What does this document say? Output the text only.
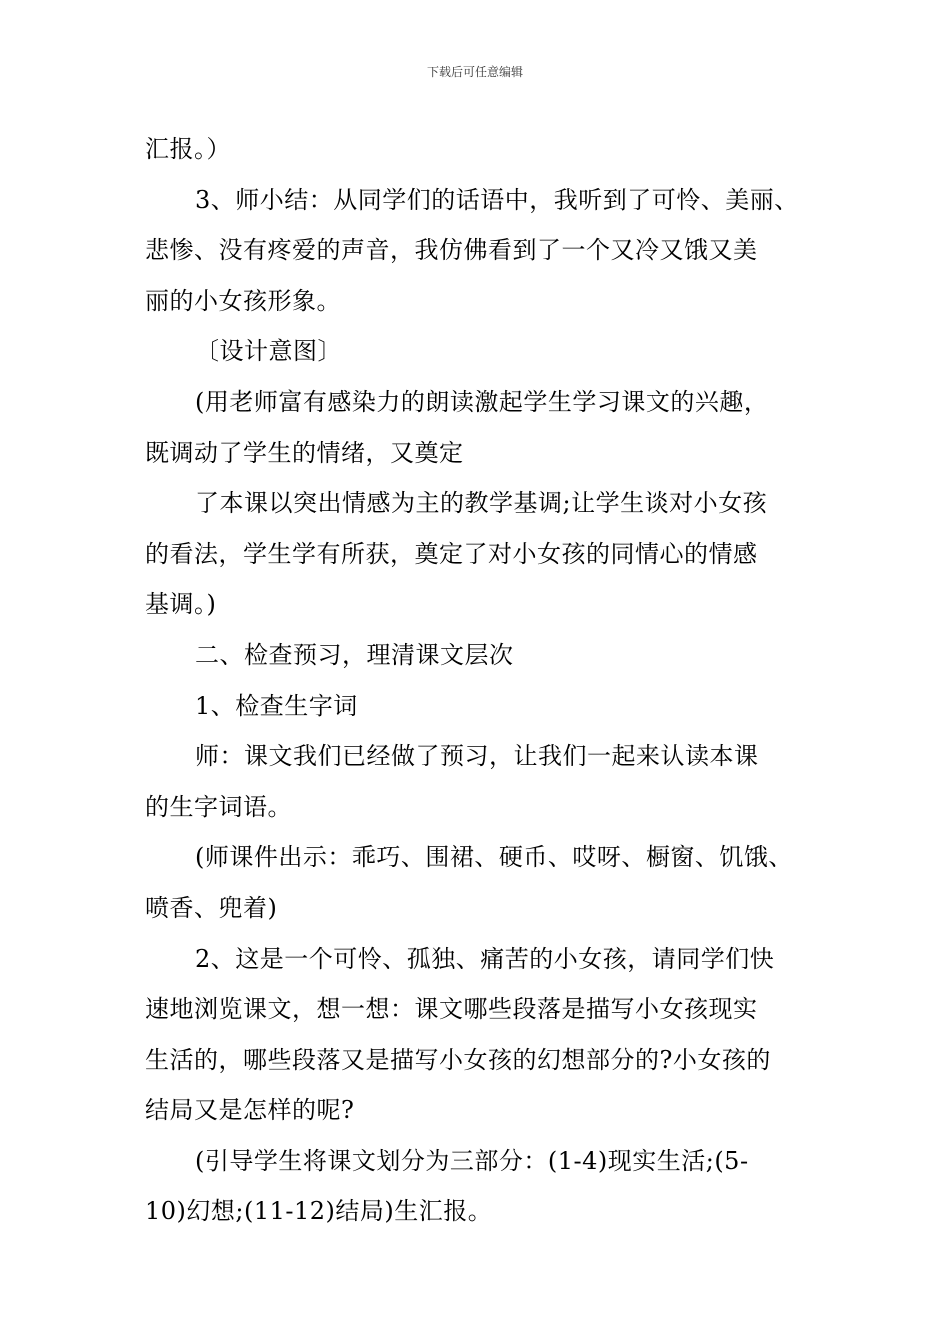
下载后可任意编辑
汇报。）
3、师小结：从同学们的话语中，我听到了可怜、美丽、
悲惨、没有疼爱的声音，我仿佛看到了一个又冷又饿又美
丽的小女孩形象。
〔设计意图〕
(用老师富有感染力的朗读激起学生学习课文的兴趣，
既调动了学生的情绪，又奠定
了本课以突出情感为主的教学基调;让学生谈对小女孩
的看法，学生学有所获，奠定了对小女孩的同情心的情感
基调。)
二、检查预习，理清课文层次
1、检查生字词
师：课文我们已经做了预习，让我们一起来认读本课
的生字词语。
(师课件出示：乖巧、围裙、硬币、哎呀、橱窗、饥饿、
喷香、兜着)
2、这是一个可怜、孤独、痛苦的小女孩，请同学们快
速地浏览课文，想一想：课文哪些段落是描写小女孩现实
生活的，哪些段落又是描写小女孩的幻想部分的?小女孩的
结局又是怎样的呢?
(引导学生将课文划分为三部分：(1-4)现实生活;(5-
10)幻想;(11-12)结局)生汇报。
